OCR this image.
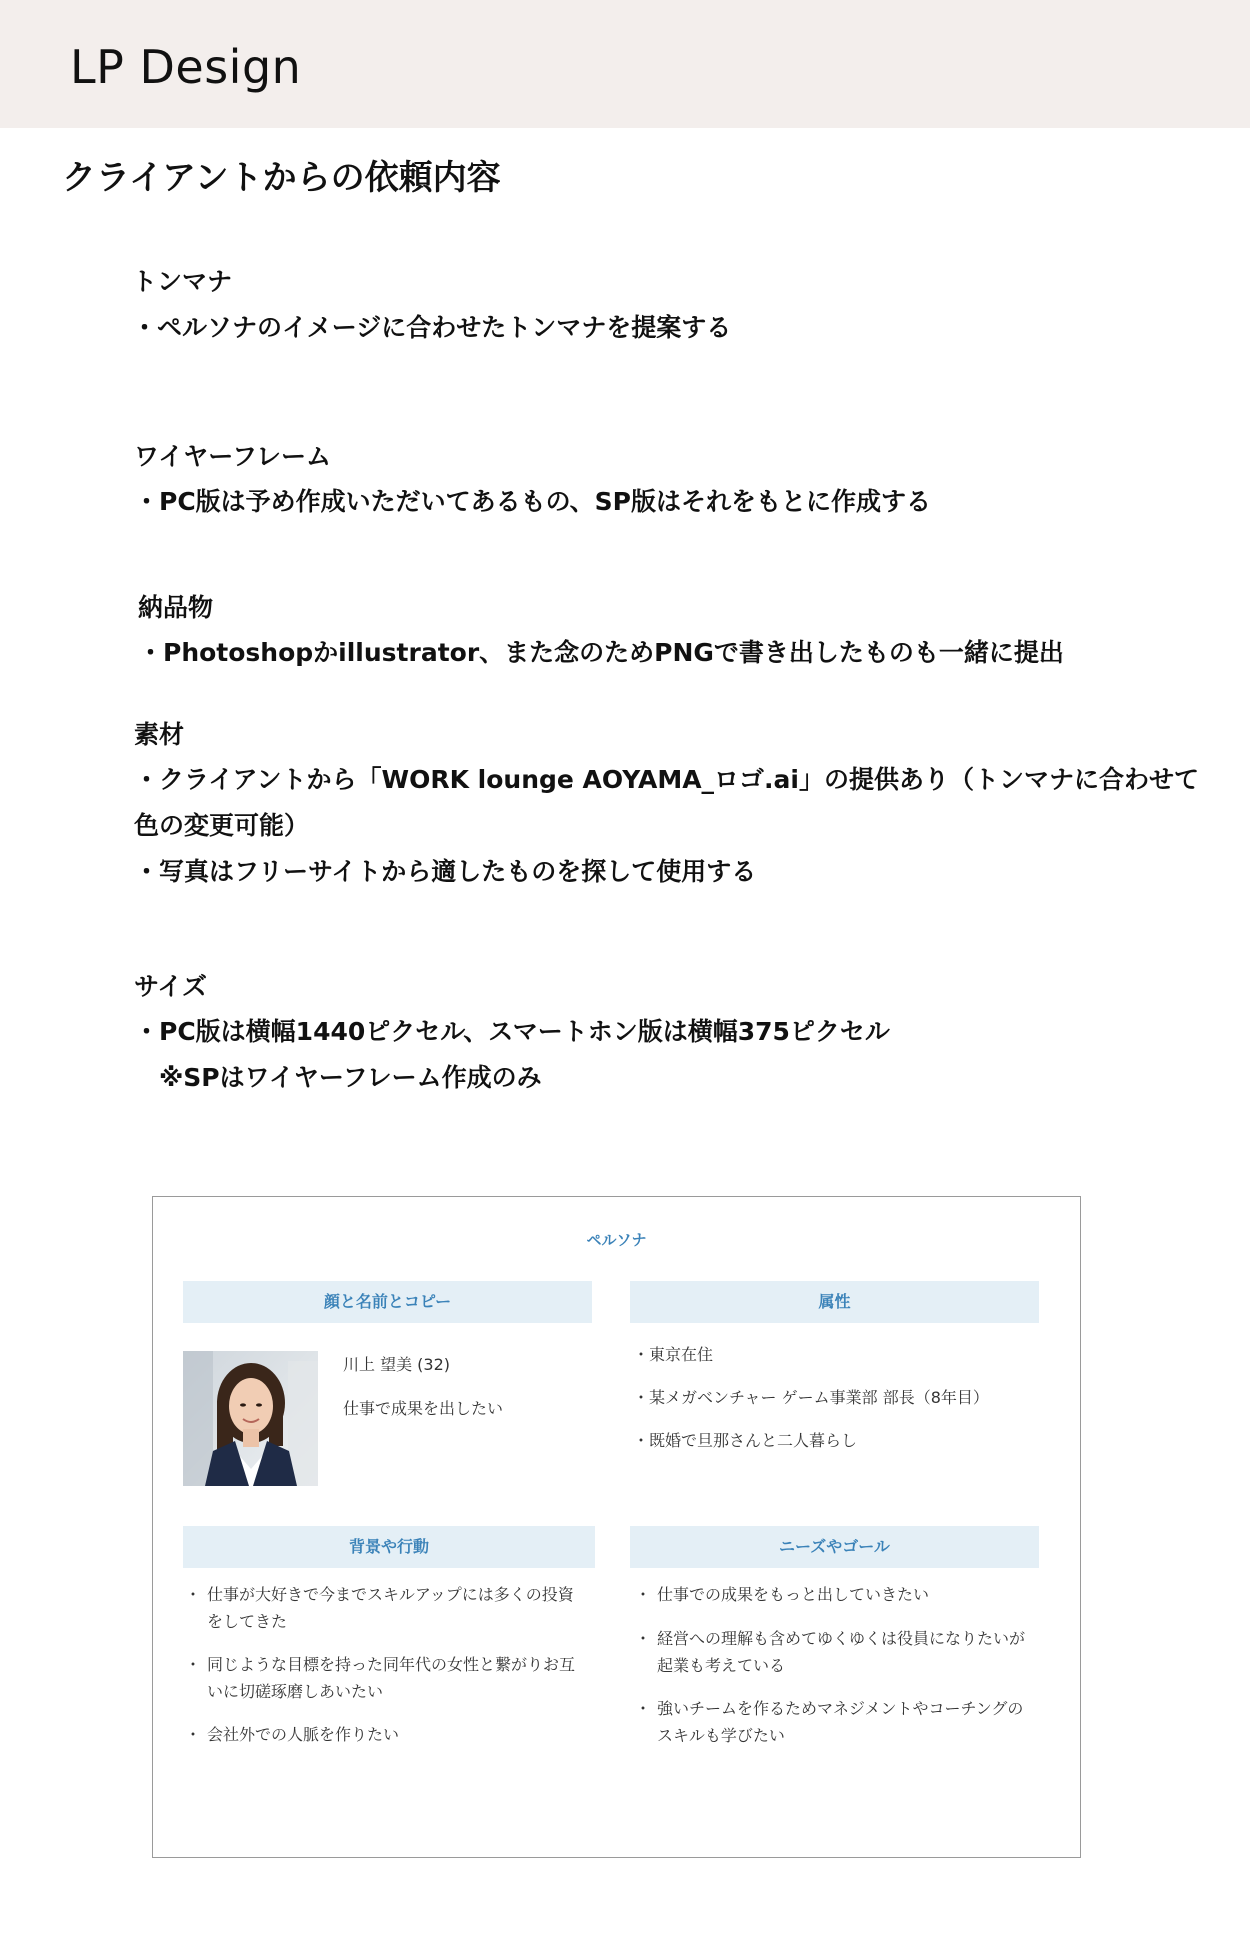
LP Design
クライアントからの依頼内容
トンマナ
・ペルソナのイメージに合わせたトンマナを提案する
ワイヤーフレーム
・PC版は予め作成いただいてあるもの、SP版はそれをもとに作成する
納品物
・Photoshopかillustrator、また念のためPNGで書き出したものも一緒に提出
素材
・クライアントから「WORK lounge AOYAMA_ロゴ.ai」の提供あり（トンマナに合わせて
色の変更可能）
・写真はフリーサイトから適したものを探して使用する
サイズ
・PC版は横幅1440ピクセル、スマートホン版は横幅375ピクセル
　※SPはワイヤーフレーム作成のみ
ペルソナ
顔と名前とコピー
川上 望美 (32)
仕事で成果を出したい
属性
・東京在住
・某メガベンチャー ゲーム事業部 部長（8年目）
・既婚で旦那さんと二人暮らし
背景や行動
・ 仕事が大好きで今までスキルアップには多くの投資
をしてきた
・ 同じような目標を持った同年代の女性と繋がりお互
いに切磋琢磨しあいたい
・ 会社外での人脈を作りたい
ニーズやゴール
・ 仕事での成果をもっと出していきたい
・ 経営への理解も含めてゆくゆくは役員になりたいが
起業も考えている
・ 強いチームを作るためマネジメントやコーチングの
スキルも学びたい
